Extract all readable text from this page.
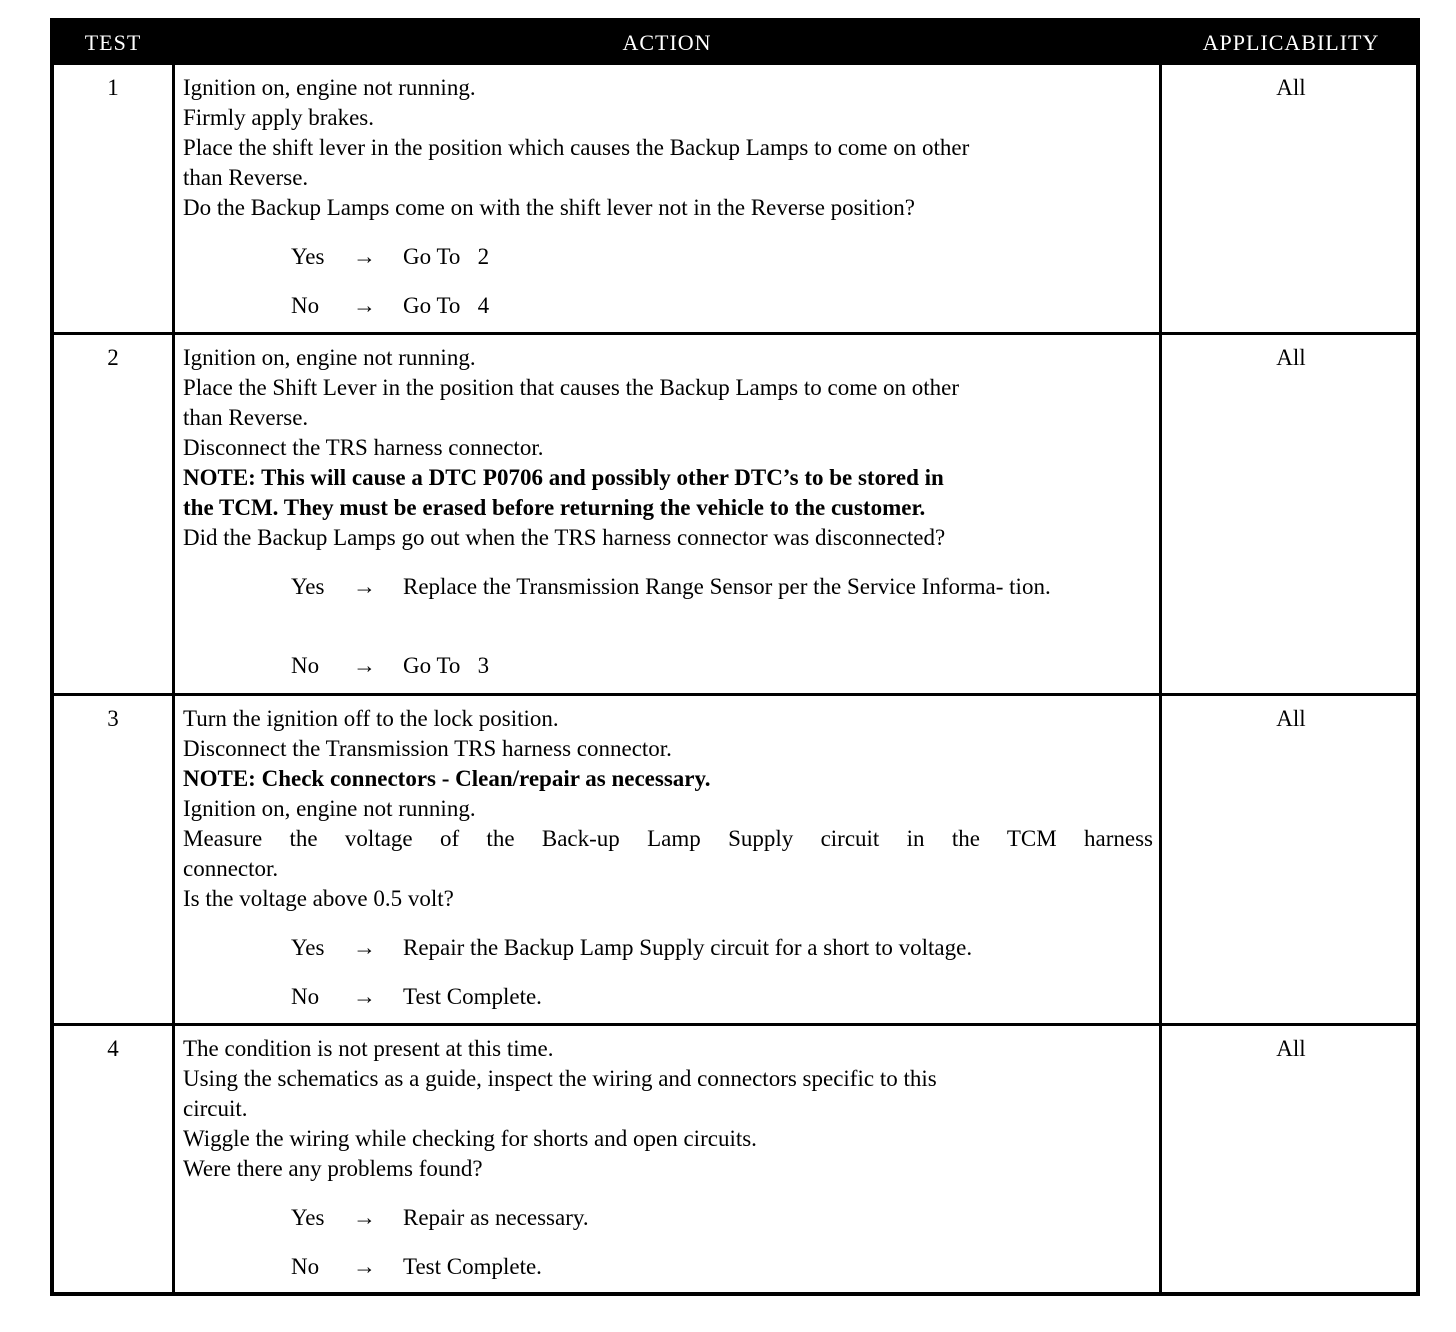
TEST	ACTION	APPLICABILITY
1	Ignition on, engine not running.
Firmly apply brakes.
Place the shift lever in the position which causes the Backup Lamps to come on other
than Reverse.
Do the Backup Lamps come on with the shift lever not in the Reverse position?
Yes → Go To   2
No → Go To   4
All
2	Ignition on, engine not running.
Place the Shift Lever in the position that causes the Backup Lamps to come on other
than Reverse.
Disconnect the TRS harness connector.
NOTE: This will cause a DTC P0706 and possibly other DTC’s to be stored in
the TCM. They must be erased before returning the vehicle to the customer.
Did the Backup Lamps go out when the TRS harness connector was disconnected?
Yes → Replace the Transmission Range Sensor per the Service Informa- tion.
No → Go To   3
All
3	Turn the ignition off to the lock position.
Disconnect the Transmission TRS harness connector.
NOTE: Check connectors - Clean/repair as necessary.
Ignition on, engine not running.
Measure the voltage of the Back-up Lamp Supply circuit in the TCM harness
connector.
Is the voltage above 0.5 volt?
Yes → Repair the Backup Lamp Supply circuit for a short to voltage.
No → Test Complete.
All
4	The condition is not present at this time.
Using the schematics as a guide, inspect the wiring and connectors specific to this
circuit.
Wiggle the wiring while checking for shorts and open circuits.
Were there any problems found?
Yes → Repair as necessary.
No → Test Complete.
All
